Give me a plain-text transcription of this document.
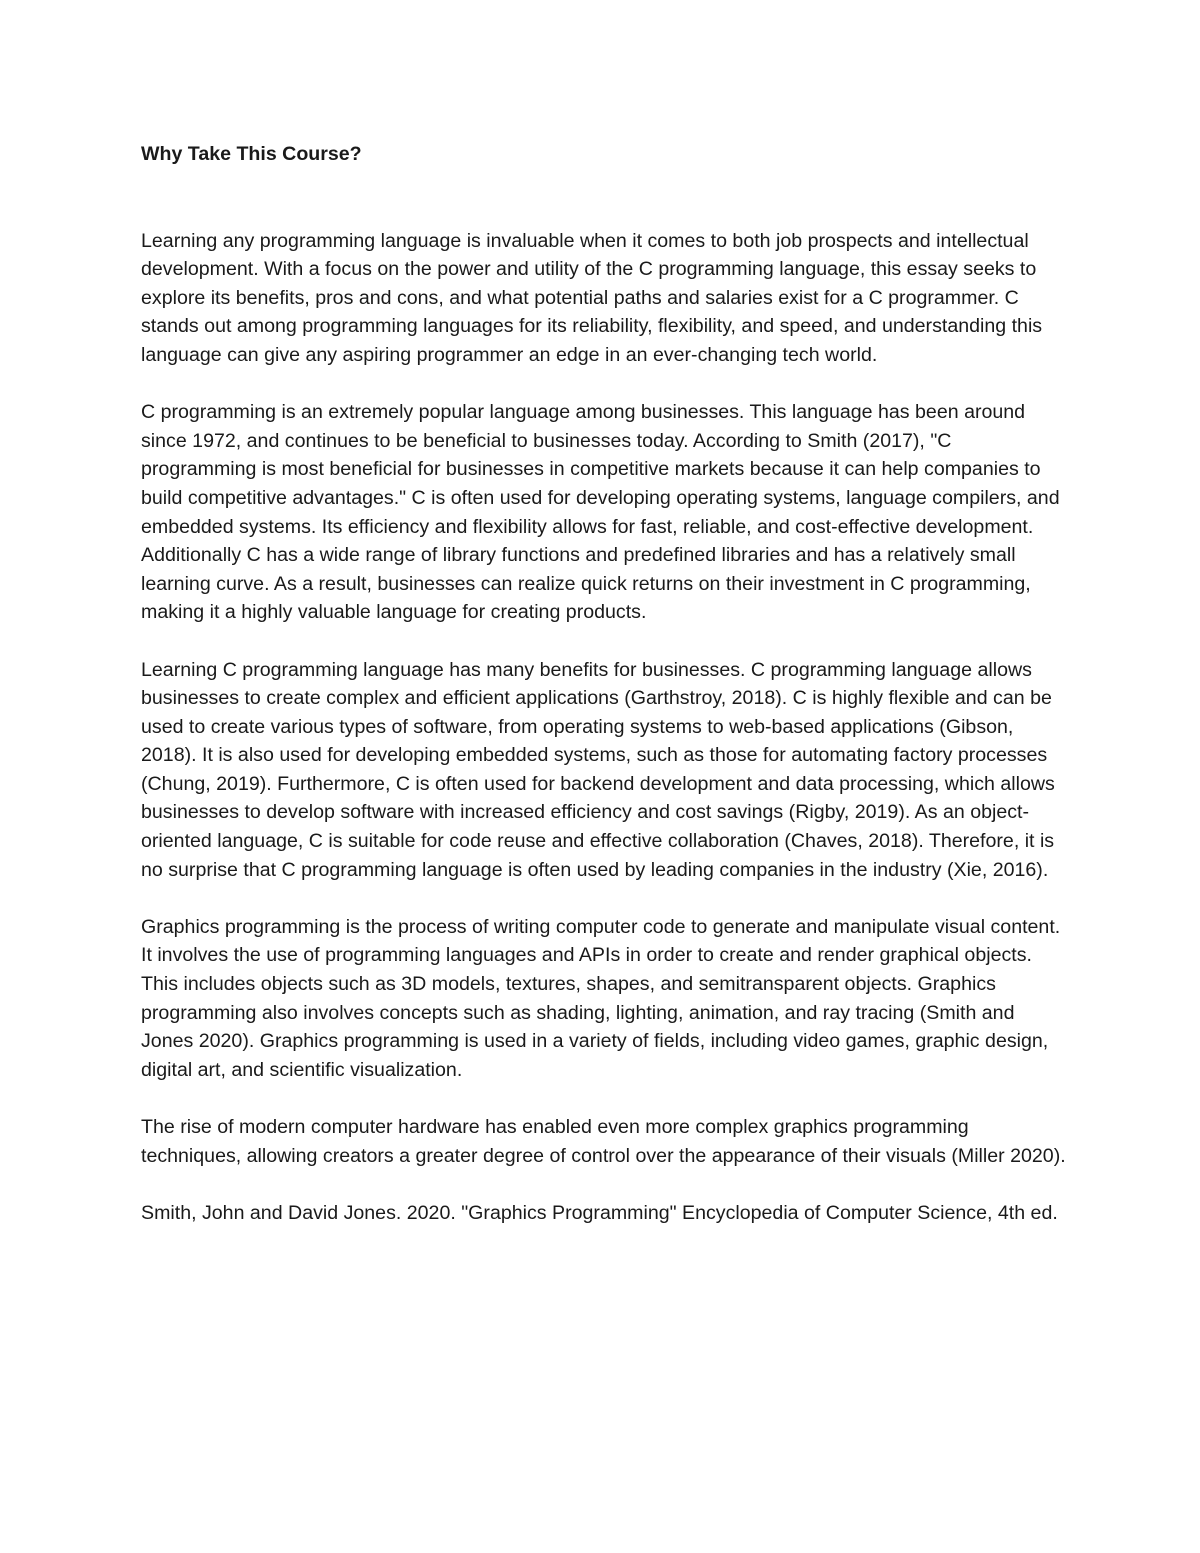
Why Take This Course?

Learning any programming language is invaluable when it comes to both job prospects and intellectual development. With a focus on the power and utility of the C programming language, this essay seeks to explore its benefits, pros and cons, and what potential paths and salaries exist for a C programmer. C stands out among programming languages for its reliability, flexibility, and speed, and understanding this language can give any aspiring programmer an edge in an ever-changing tech world.

C programming is an extremely popular language among businesses. This language has been around since 1972, and continues to be beneficial to businesses today. According to Smith (2017), "C programming is most beneficial for businesses in competitive markets because it can help companies to build competitive advantages." C is often used for developing operating systems, language compilers, and embedded systems. Its efficiency and flexibility allows for fast, reliable, and cost-effective development. Additionally C has a wide range of library functions and predefined libraries and has a relatively small learning curve. As a result, businesses can realize quick returns on their investment in C programming, making it a highly valuable language for creating products.

Learning C programming language has many benefits for businesses. C programming language allows businesses to create complex and efficient applications (Garthstroy, 2018). C is highly flexible and can be used to create various types of software, from operating systems to web-based applications (Gibson, 2018). It is also used for developing embedded systems, such as those for automating factory processes (Chung, 2019). Furthermore, C is often used for backend development and data processing, which allows businesses to develop software with increased efficiency and cost savings (Rigby, 2019). As an object-oriented language, C is suitable for code reuse and effective collaboration (Chaves, 2018). Therefore, it is no surprise that C programming language is often used by leading companies in the industry (Xie, 2016).

Graphics programming is the process of writing computer code to generate and manipulate visual content. It involves the use of programming languages and APIs in order to create and render graphical objects. This includes objects such as 3D models, textures, shapes, and semitransparent objects. Graphics programming also involves concepts such as shading, lighting, animation, and ray tracing (Smith and Jones 2020). Graphics programming is used in a variety of fields, including video games, graphic design, digital art, and scientific visualization.

The rise of modern computer hardware has enabled even more complex graphics programming techniques, allowing creators a greater degree of control over the appearance of their visuals (Miller 2020).

Smith, John and David Jones. 2020. "Graphics Programming" Encyclopedia of Computer Science, 4th ed.
